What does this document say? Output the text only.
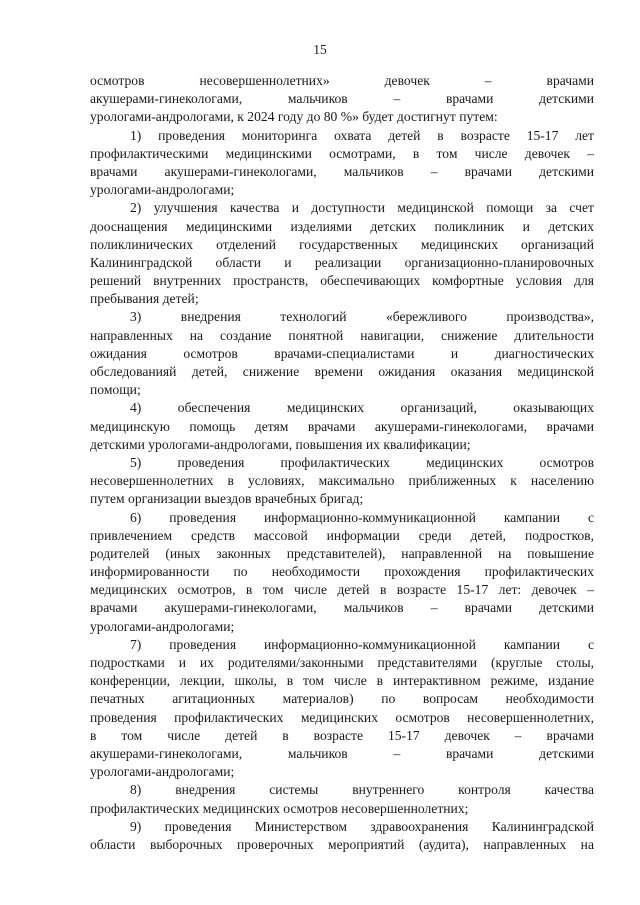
15
осмотров несовершеннолетних» девочек – врачами
акушерами-гинекологами, мальчиков – врачами детскими
урологами-андрологами, к 2024 году до 80 %» будет достигнут путем:
1) проведения мониторинга охвата детей в возрасте 15-17 лет
профилактическими медицинскими осмотрами, в том числе девочек –
врачами акушерами-гинекологами, мальчиков – врачами детскими
урологами-андрологами;
2) улучшения качества и доступности медицинской помощи за счет
дооснащения медицинскими изделиями детских поликлиник и детских
поликлинических отделений государственных медицинских организаций
Калининградской области и реализации организационно-планировочных
решений внутренних пространств, обеспечивающих комфортные условия для
пребывания детей;
3) внедрения технологий «бережливого производства»,
направленных на создание понятной навигации, снижение длительности
ожидания осмотров врачами-специалистами и диагностических
обследованияй детей, снижение времени ожидания оказания медицинской
помощи;
4) обеспечения медицинских организаций, оказывающих
медицинскую помощь детям врачами акушерами-гинекологами, врачами
детскими урологами-андрологами, повышения их квалификации;
5) проведения профилактических медицинских осмотров
несовершеннолетних в условиях, максимально приближенных к населению
путем организации выездов врачебных бригад;
6) проведения информационно-коммуникационной кампании с
привлечением средств массовой информации среди детей, подростков,
родителей (иных законных представителей), направленной на повышение
информированности по необходимости прохождения профилактических
медицинских осмотров, в том числе детей в возрасте 15-17 лет: девочек –
врачами акушерами-гинекологами, мальчиков – врачами детскими
урологами-андрологами;
7) проведения информационно-коммуникационной кампании с
подростками и их родителями/законными представителями (круглые столы,
конференции, лекции, школы, в том числе в интерактивном режиме, издание
печатных агитационных материалов) по вопросам необходимости
проведения профилактических медицинских осмотров несовершеннолетних,
в том числе детей в возрасте 15-17 девочек – врачами
акушерами-гинекологами, мальчиков – врачами детскими
урологами-андрологами;
8) внедрения системы внутреннего контроля качества
профилактических медицинских осмотров несовершеннолетних;
9) проведения Министерством здравоохранения Калининградской
области выборочных проверочных мероприятий (аудита), направленных на
